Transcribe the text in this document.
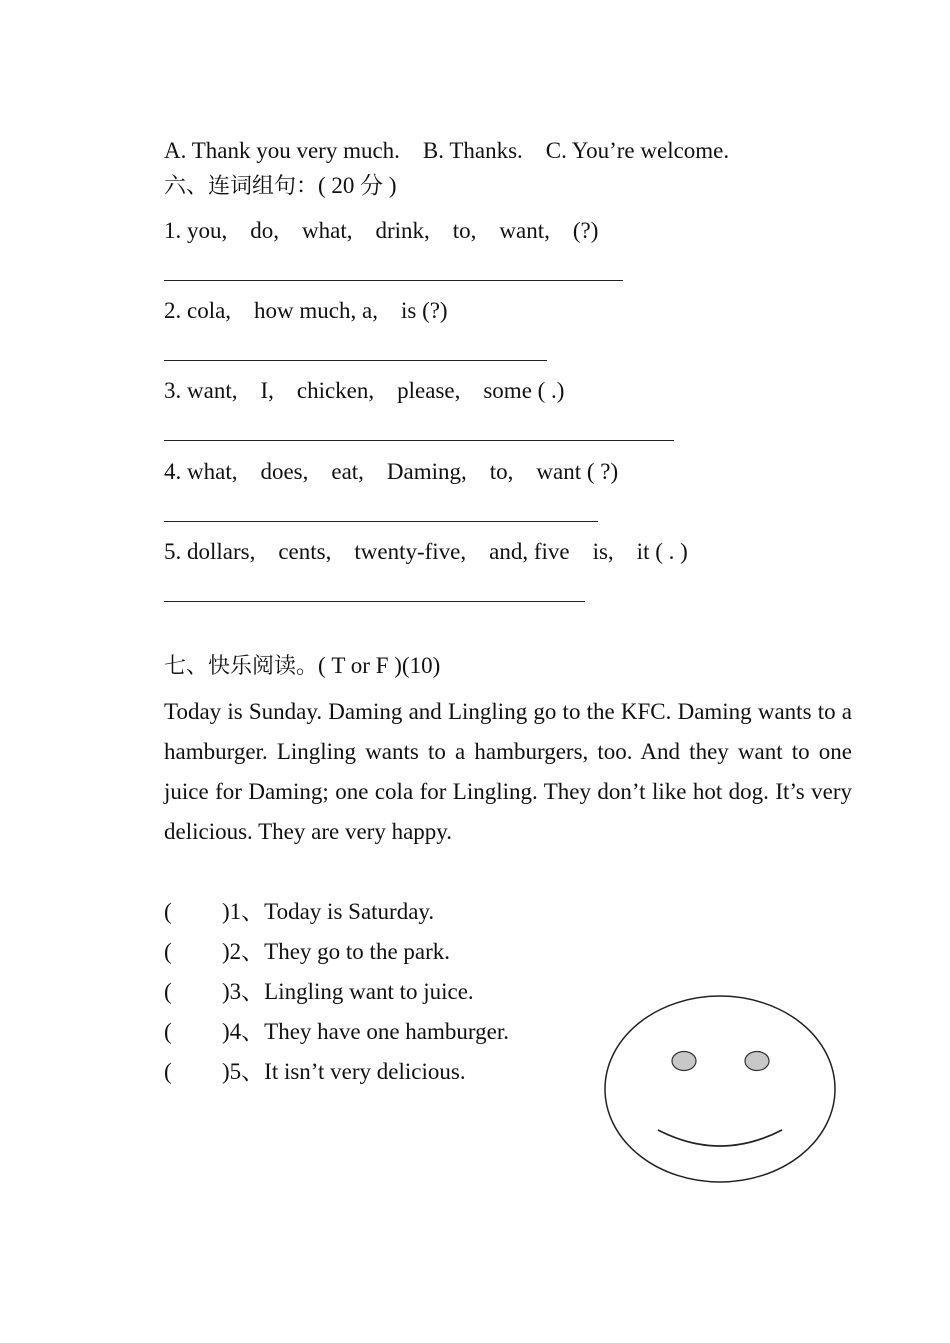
A. Thank you very much.    B. Thanks.    C. You’re welcome.
六、连词组句：( 20 分 )
1. you,    do,    what,    drink,    to,    want,    (?)
2. cola,    how much, a,    is (?)
3. want,    I,    chicken,    please,    some ( .)
4. what,    does,    eat,    Daming,    to,    want ( ?)
5. dollars,    cents,    twenty-five,    and, five    is,    it ( . )
七、快乐阅读。( T or F )(10)
Today is Sunday. Daming and Lingling go to the KFC. Daming wants to a hamburger. Lingling wants to a hamburgers, too. And they want to one juice for Daming; one cola for Lingling. They don’t like hot dog. It’s very delicious. They are very happy.
( )1、Today is Saturday.
( )2、They go to the park.
( )3、Lingling want to juice.
( )4、They have one hamburger.
( )5、It isn’t very delicious.
